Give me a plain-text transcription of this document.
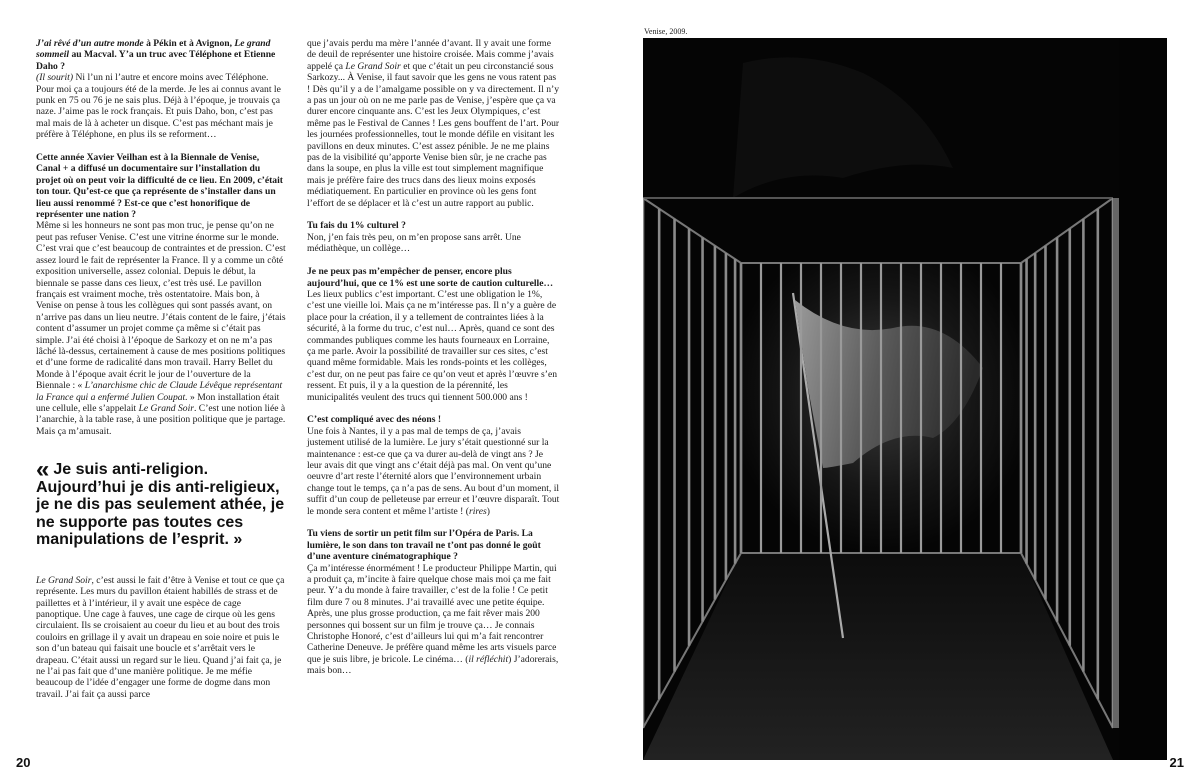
J’ai rêvé d’un autre monde à Pékin et à Avignon, Le grand sommeil au Macval. Y’a un truc avec Téléphone et Etienne Daho ?
(Il sourit) Ni l’un ni l’autre et encore moins avec Téléphone. Pour moi ça a toujours été de la merde. Je les ai connus avant le punk en 75 ou 76 je ne sais plus. Déjà à l’époque, je trouvais ça naze. J’aime pas le rock français. Et puis Daho, bon, c’est pas mal mais de là à acheter un disque. C’est pas méchant mais je préfère à Téléphone, en plus ils se reforment…

Cette année Xavier Veilhan est à la Biennale de Venise, Canal + a diffusé un documentaire sur l’installation du projet où on peut voir la difficulté de ce lieu. En 2009, c’était ton tour. Qu’est-ce que ça représente de s’installer dans un lieu aussi renommé ? Est-ce que c’est honorifique de représenter une nation ?
Même si les honneurs ne sont pas mon truc, je pense qu’on ne peut pas refuser Venise. C’est une vitrine énorme sur le monde. C’est vrai que c’est beaucoup de contraintes et de pression. C’est assez lourd le fait de représenter la France. Il y a comme un côté exposition universelle, assez colonial. Depuis le début, la biennale se passe dans ces lieux, c’est très usé. Le pavillon français est vraiment moche, très ostentatoire. Mais bon, à Venise on pense à tous les collègues qui sont passés avant, on n’arrive pas dans un lieu neutre. J’étais content de le faire, j’étais content d’assumer un projet comme ça même si c’était pas simple. J’ai été choisi à l’époque de Sarkozy et on ne m’a pas lâché là-dessus, certainement à cause de mes positions politiques et d’une forme de radicalité dans mon travail. Harry Bellet du Monde à l’époque avait écrit le jour de l’ouverture de la Biennale : « L’anarchisme chic de Claude Lévêque représentant la France qui a enfermé Julien Coupat. » Mon installation était une cellule, elle s’appelait Le Grand Soir. C’est une notion liée à l’anarchie, à la table rase, à une position politique que je partage. Mais ça m’amusait.

« Je suis anti-religion. Aujourd’hui je dis anti-religieux, je ne dis pas seulement athée, je ne supporte pas toutes ces manipulations de l’esprit. »

Le Grand Soir, c’est aussi le fait d’être à Venise et tout ce que ça représente. Les murs du pavillon étaient habillés de strass et de paillettes et à l’intérieur, il y avait une espèce de cage panoptique. Une cage à fauves, une cage de cirque où les gens circulaient. Ils se croisaient au coeur du lieu et au bout des trois couloirs en grillage il y avait un drapeau en soie noire et puis le son d’un bateau qui faisait une boucle et s’arrêtait vers le drapeau. C’était aussi un regard sur le lieu. Quand j’ai fait ça, je ne l’ai pas fait que d’une manière politique. Je me méfie beaucoup de l’idée d’engager une forme de dogme dans mon travail. J’ai fait ça aussi parce

que j’avais perdu ma mère l’année d’avant. Il y avait une forme de deuil de représenter une histoire croisée. Mais comme j’avais appelé ça Le Grand Soir et que c’était un peu circonstancié sous Sarkozy... À Venise, il faut savoir que les gens ne vous ratent pas ! Dès qu’il y a de l’amalgame possible on y va directement. Il n’y a pas un jour où on ne me parle pas de Venise, j’espère que ça va durer encore cinquante ans. C’est les Jeux Olympiques, c’est même pas le Festival de Cannes ! Les gens bouffent de l’art. Pour les journées professionnelles, tout le monde défile en visitant les pavillons en deux minutes. C’est assez pénible. Je ne me plains pas de la visibilité qu’apporte Venise bien sûr, je ne crache pas dans la soupe, en plus la ville est tout simplement magnifique mais je préfère faire des trucs dans des lieux moins exposés médiatiquement. En particulier en province où les gens font l’effort de se déplacer et là c’est un autre rapport au public.

Tu fais du 1% culturel ?
Non, j’en fais très peu, on m’en propose sans arrêt. Une médiathèque, un collège…

Je ne peux pas m’empêcher de penser, encore plus aujourd’hui, que ce 1% est une sorte de caution culturelle…
Les lieux publics c’est important. C’est une obligation le 1%, c’est une vieille loi. Mais ça ne m’intéresse pas. Il n’y a guère de place pour la création, il y a tellement de contraintes liées à la sécurité, à la forme du truc, c’est nul… Après, quand ce sont des commandes publiques comme les hauts fourneaux en Lorraine, ça me parle. Avoir la possibilité de travailler sur ces sites, c’est quand même formidable. Mais les ronds-points et les collèges, c’est dur, on ne peut pas faire ce qu’on veut et après l’œuvre s’en ressent. Et puis, il y a la question de la pérennité, les municipalités veulent des trucs qui tiennent 500.000 ans !

C’est compliqué avec des néons !
Une fois à Nantes, il y a pas mal de temps de ça, j’avais justement utilisé de la lumière. Le jury s’était questionné sur la maintenance : est-ce que ça va durer au-delà de vingt ans ? Je leur avais dit que vingt ans c’était déjà pas mal. On vent qu’une oeuvre d’art reste l’éternité alors que l’environnement urbain change tout le temps, ça n’a pas de sens. Au bout d’un moment, il suffit d’un coup de pelleteuse par erreur et l’œuvre disparaît. Tout le monde sera content et même l’artiste ! (rires)

Tu viens de sortir un petit film sur l’Opéra de Paris. La lumière, le son dans ton travail ne t’ont pas donné le goût d’une aventure cinématographique ?
Ça m’intéresse énormément ! Le producteur Philippe Martin, qui a produit ça, m’incite à faire quelque chose mais moi ça me fait peur. Y’a du monde à faire travailler, c’est de la folie ! Ce petit film dure 7 ou 8 minutes. J’ai travaillé avec une petite équipe. Après, une plus grosse production, ça me fait rêver mais 200 personnes qui bossent sur un film je trouve ça… Je connais Christophe Honoré, c’est d’ailleurs lui qui m’a fait rencontrer Catherine Deneuve. Je préfère quand même les arts visuels parce que je suis libre, je bricole. Le cinéma… (il réfléchit) J’adorerais, mais bon…

Venise, 2009.
20	21
